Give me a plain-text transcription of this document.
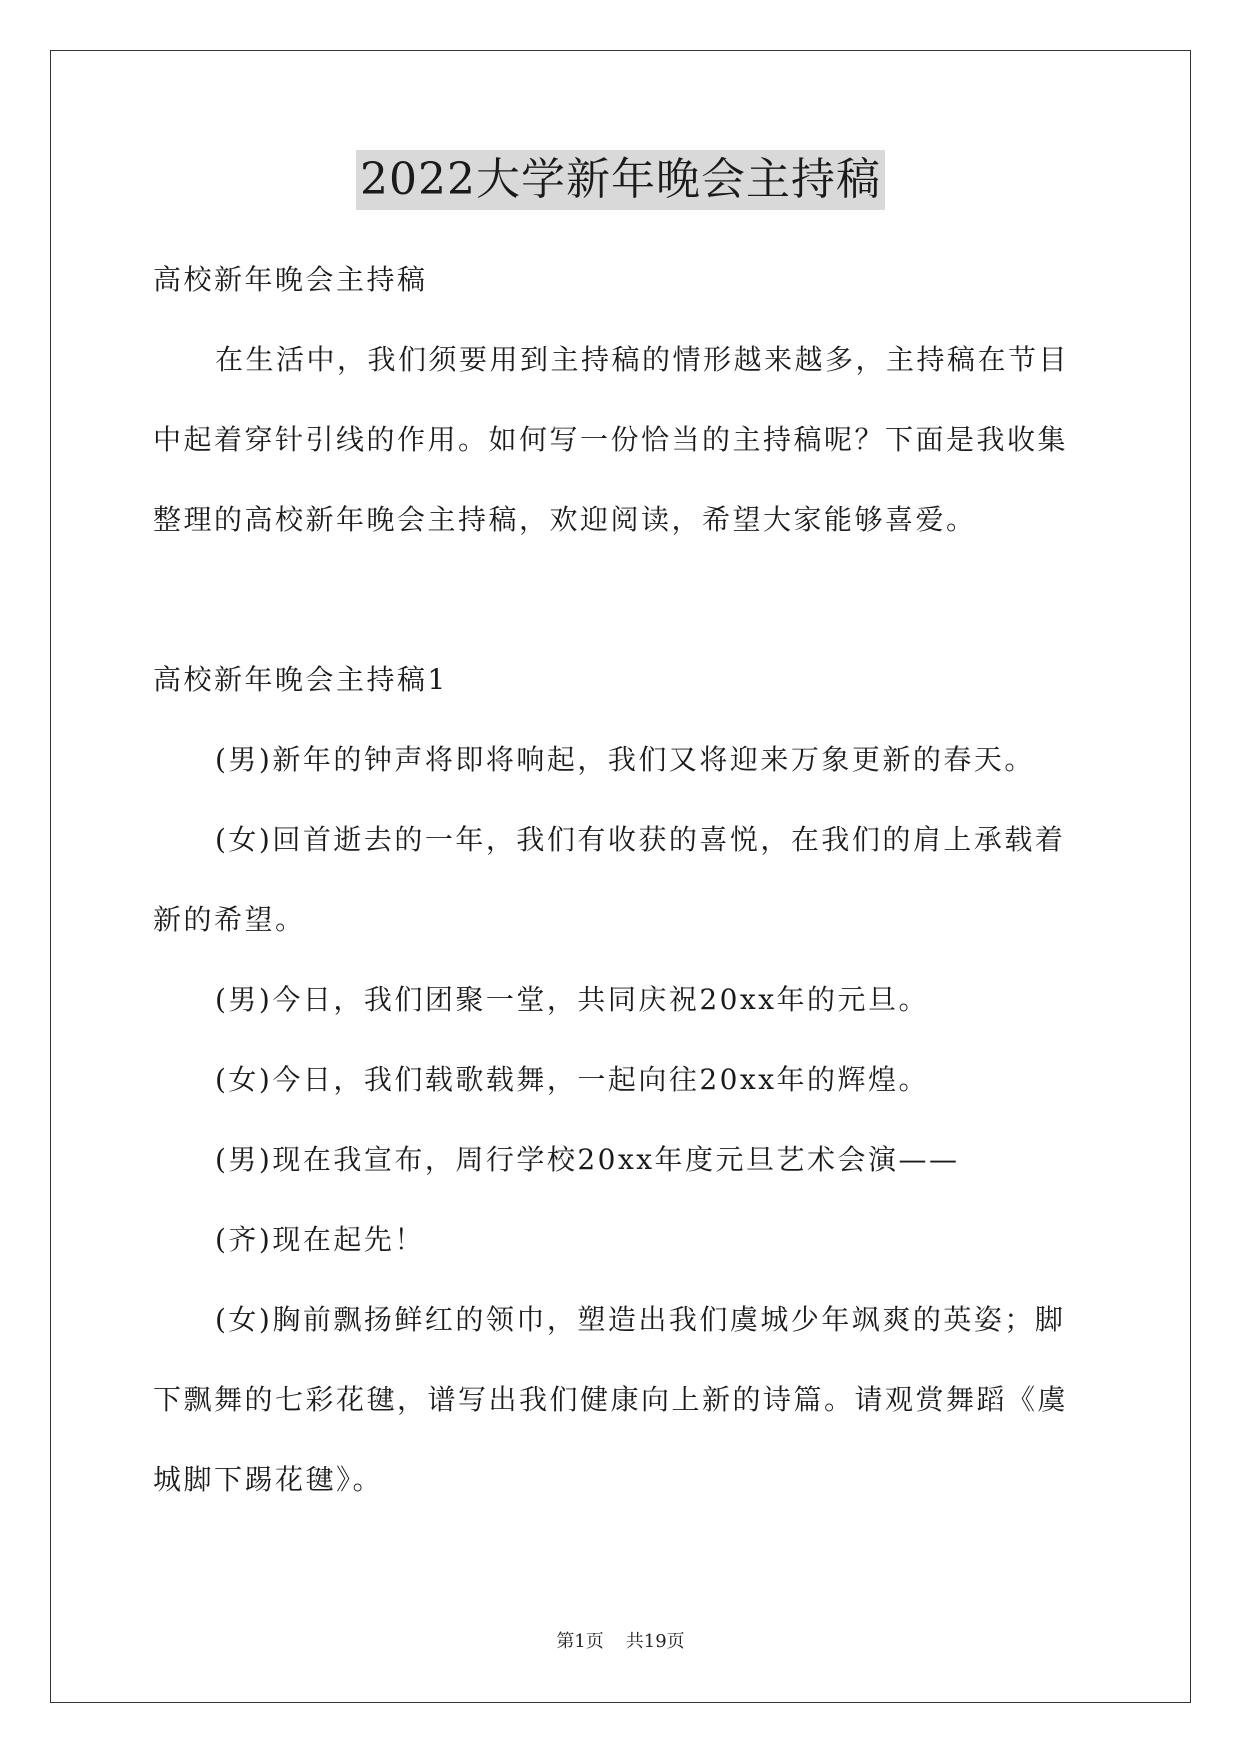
2022大学新年晚会主持稿
高校新年晚会主持稿
在生活中，我们须要用到主持稿的情形越来越多，主持稿在节目
中起着穿针引线的作用。如何写一份恰当的主持稿呢？下面是我收集
整理的高校新年晚会主持稿，欢迎阅读，希望大家能够喜爱。
高校新年晚会主持稿1
(男)新年的钟声将即将响起，我们又将迎来万象更新的春天。
(女)回首逝去的一年，我们有收获的喜悦，在我们的肩上承载着
新的希望。
(男)今日，我们团聚一堂，共同庆祝20xx年的元旦。
(女)今日，我们载歌载舞，一起向往20xx年的辉煌。
(男)现在我宣布，周行学校20xx年度元旦艺术会演——
(齐)现在起先！
(女)胸前飘扬鲜红的领巾，塑造出我们虞城少年飒爽的英姿；脚
下飘舞的七彩花毽，谱写出我们健康向上新的诗篇。请观赏舞蹈《虞
城脚下踢花毽》。
第1页 共19页
